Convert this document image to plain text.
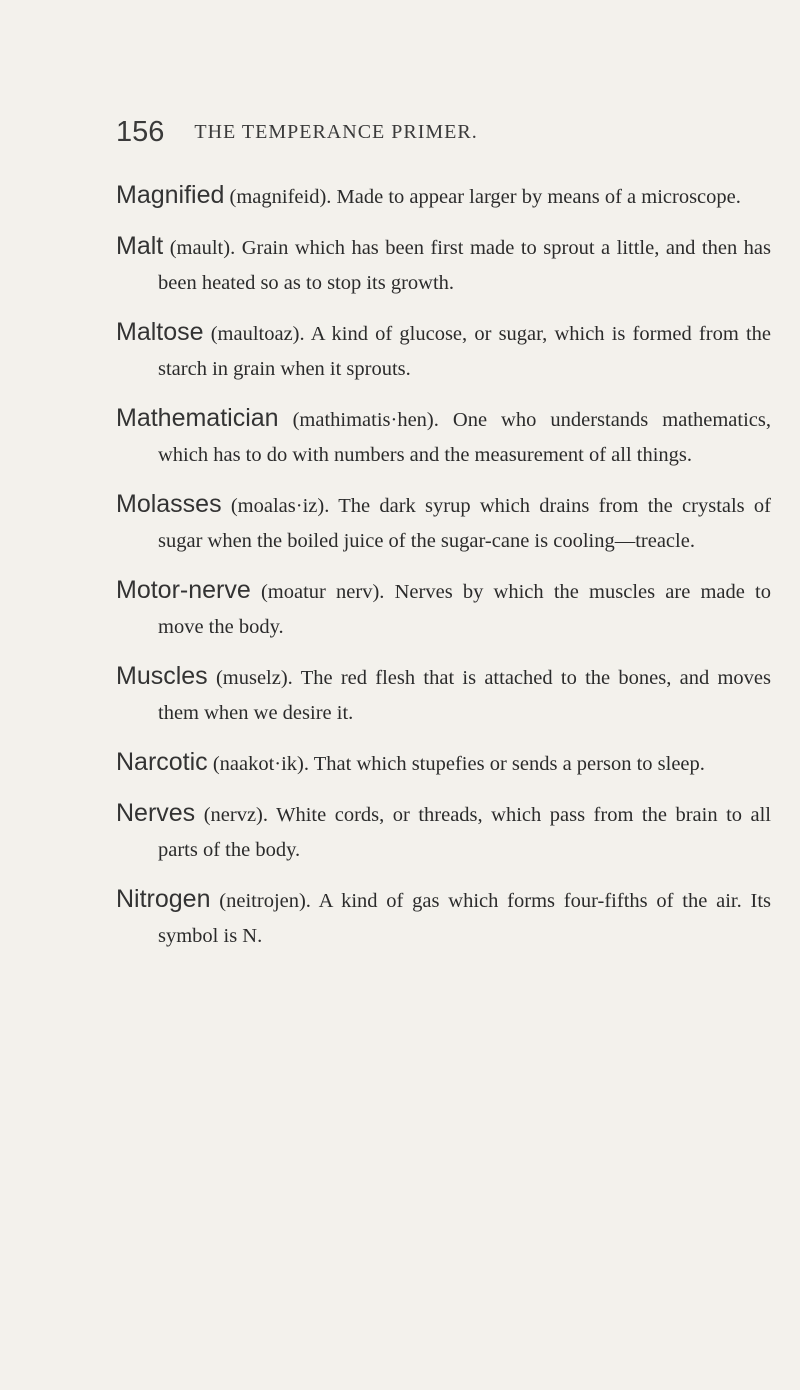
156 THE TEMPERANCE PRIMER.

Magnified (magnifeid). Made to appear larger by means of a microscope.

Malt (mault). Grain which has been first made to sprout a little, and then has been heated so as to stop its growth.

Maltose (maultoaz). A kind of glucose, or sugar, which is formed from the starch in grain when it sprouts.

Mathematician (mathimatis·hen). One who understands mathematics, which has to do with numbers and the measurement of all things.

Molasses (moalas·iz). The dark syrup which drains from the crystals of sugar when the boiled juice of the sugar-cane is cooling—treacle.

Motor-nerve (moatur nerv). Nerves by which the muscles are made to move the body.

Muscles (muselz). The red flesh that is attached to the bones, and moves them when we desire it.

Narcotic (naakot·ik). That which stupefies or sends a person to sleep.

Nerves (nervz). White cords, or threads, which pass from the brain to all parts of the body.

Nitrogen (neitrojen). A kind of gas which forms four-fifths of the air. Its symbol is N.
